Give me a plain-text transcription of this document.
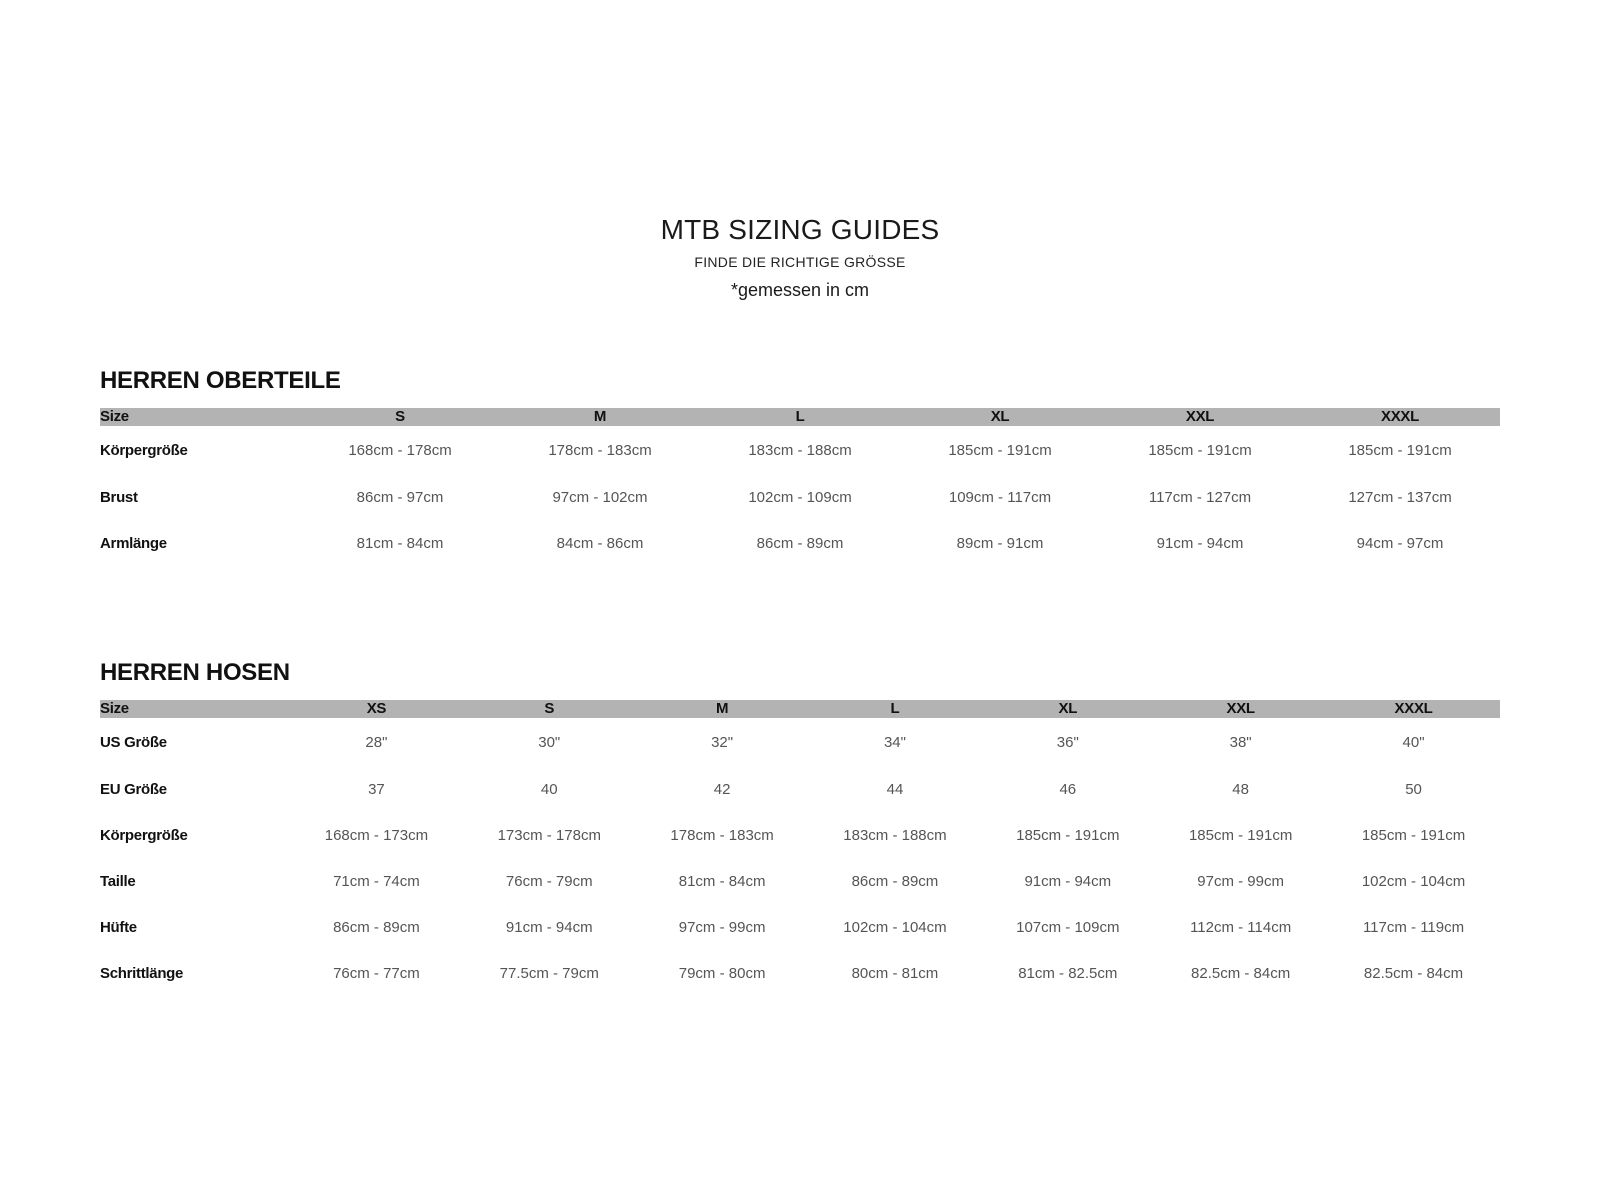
MTB SIZING GUIDES
FINDE DIE RICHTIGE GRÖSSE
*gemessen in cm
HERREN OBERTEILE
Size	S	M	L	XL	XXL	XXXL
Körpergröße	168cm - 178cm	178cm - 183cm	183cm - 188cm	185cm - 191cm	185cm - 191cm	185cm - 191cm
Brust	86cm - 97cm	97cm - 102cm	102cm - 109cm	109cm - 117cm	117cm - 127cm	127cm - 137cm
Armlänge	81cm - 84cm	84cm - 86cm	86cm - 89cm	89cm - 91cm	91cm - 94cm	94cm - 97cm
HERREN HOSEN
Size	XS	S	M	L	XL	XXL	XXXL
US Größe	28"	30"	32"	34"	36"	38"	40"
EU Größe	37	40	42	44	46	48	50
Körpergröße	168cm - 173cm	173cm - 178cm	178cm - 183cm	183cm - 188cm	185cm - 191cm	185cm - 191cm	185cm - 191cm
Taille	71cm - 74cm	76cm - 79cm	81cm - 84cm	86cm - 89cm	91cm - 94cm	97cm - 99cm	102cm - 104cm
Hüfte	86cm - 89cm	91cm - 94cm	97cm - 99cm	102cm - 104cm	107cm - 109cm	112cm - 114cm	117cm - 119cm
Schrittlänge	76cm - 77cm	77.5cm - 79cm	79cm - 80cm	80cm - 81cm	81cm - 82.5cm	82.5cm - 84cm	82.5cm - 84cm
